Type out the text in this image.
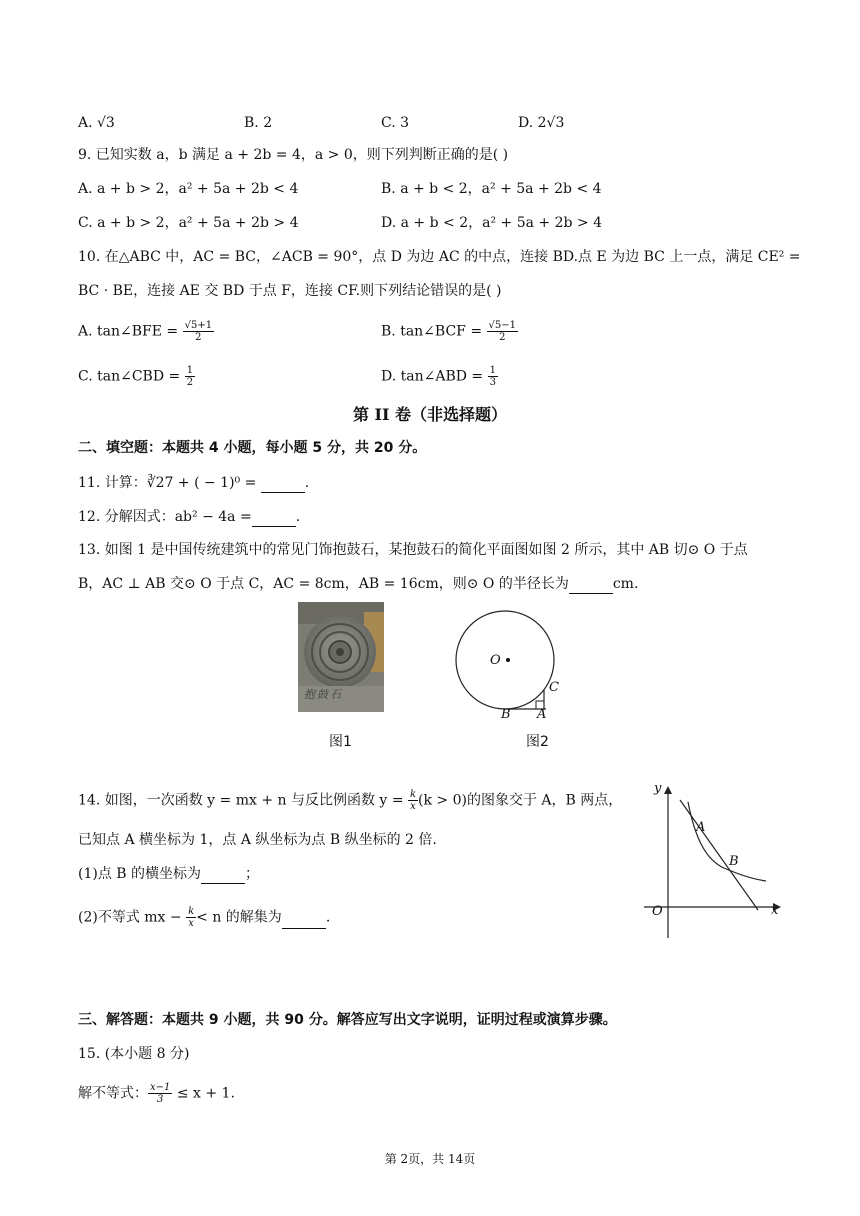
A. √3	B. 2	C. 3	D. 2√3
9. 已知实数 a，b 满足 a + 2b = 4，a > 0，则下列判断正确的是( )
A. a + b > 2，a² + 5a + 2b < 4	B. a + b < 2，a² + 5a + 2b < 4
C. a + b > 2，a² + 5a + 2b > 4	D. a + b < 2，a² + 5a + 2b > 4
10. 在△ABC 中，AC = BC，∠ACB = 90°，点 D 为边 AC 的中点，连接 BD.点 E 为边 BC 上一点，满足 CE² =
BC · BE，连接 AE 交 BD 于点 F，连接 CF.则下列结论错误的是( )
A. tan∠BFE = $\frac{√5+1}{2}$	B. tan∠BCF = $\frac{√5-1}{2}$
C. tan∠CBD = $\frac{1}{2}$	D. tan∠ABD = $\frac{1}{3}$
第 II 卷（非选择题）
二、填空题：本题共 4 小题，每小题 5 分，共 20 分。
11. 计算：∛27 + ( − 1)⁰ =	.
12. 分解因式：ab² − 4a =	.
13. 如图 1 是中国传统建筑中的常见门饰抱鼓石，某抱鼓石的简化平面图如图 2 所示，其中 AB 切⊙ O 于点
B，AC ⊥ AB 交⊙ O 于点 C，AC = 8cm，AB = 16cm，则⊙ O 的半径长为	cm.
抱鼓石
图1
O
B A
C
图2
14. 如图，一次函数 y = mx + n 与反比例函数 $y = \frac{k}{x} (k > 0)$的图象交于 A，B 两点，
已知点 A 横坐标为 1，点 A 纵坐标为点 B 纵坐标的 2 倍.
(1)点 B 的横坐标为	；
(2)不等式 mx − $\frac{k}{x} < n$ 的解集为	.
y
x
O
A
B
三、解答题：本题共 9 小题，共 90 分。解答应写出文字说明，证明过程或演算步骤。
15. (本小题 8 分)
解不等式： $\frac{x-1}{3} \le x + 1$.
第 2页，共 14页
